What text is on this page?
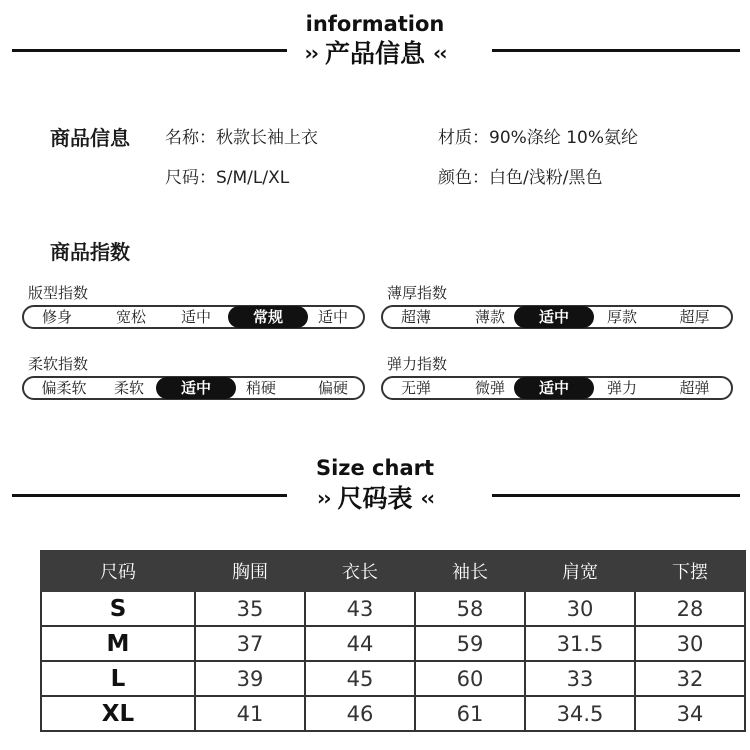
information
›› 产品信息 ‹‹
商品信息 名称：秋款长袖上衣	材质：90%涤纶 10%氨纶
尺码：S/M/L/XL	颜色：白色/浅粉/黑色
商品指数
版型指数
修身	宽松	适中	常规	适中
薄厚指数
超薄	薄款	适中	厚款	超厚
柔软指数
偏柔软	柔软	适中	稍硬	偏硬
弹力指数
无弹	微弹	适中	弹力	超弹
Size chart
›› 尺码表 ‹‹
尺码	胸围	衣长	袖长	肩宽	下摆
S	35	43	58	30	28
M	37	44	59	31.5	30
L	39	45	60	33	32
XL	41	46	61	34.5	34
